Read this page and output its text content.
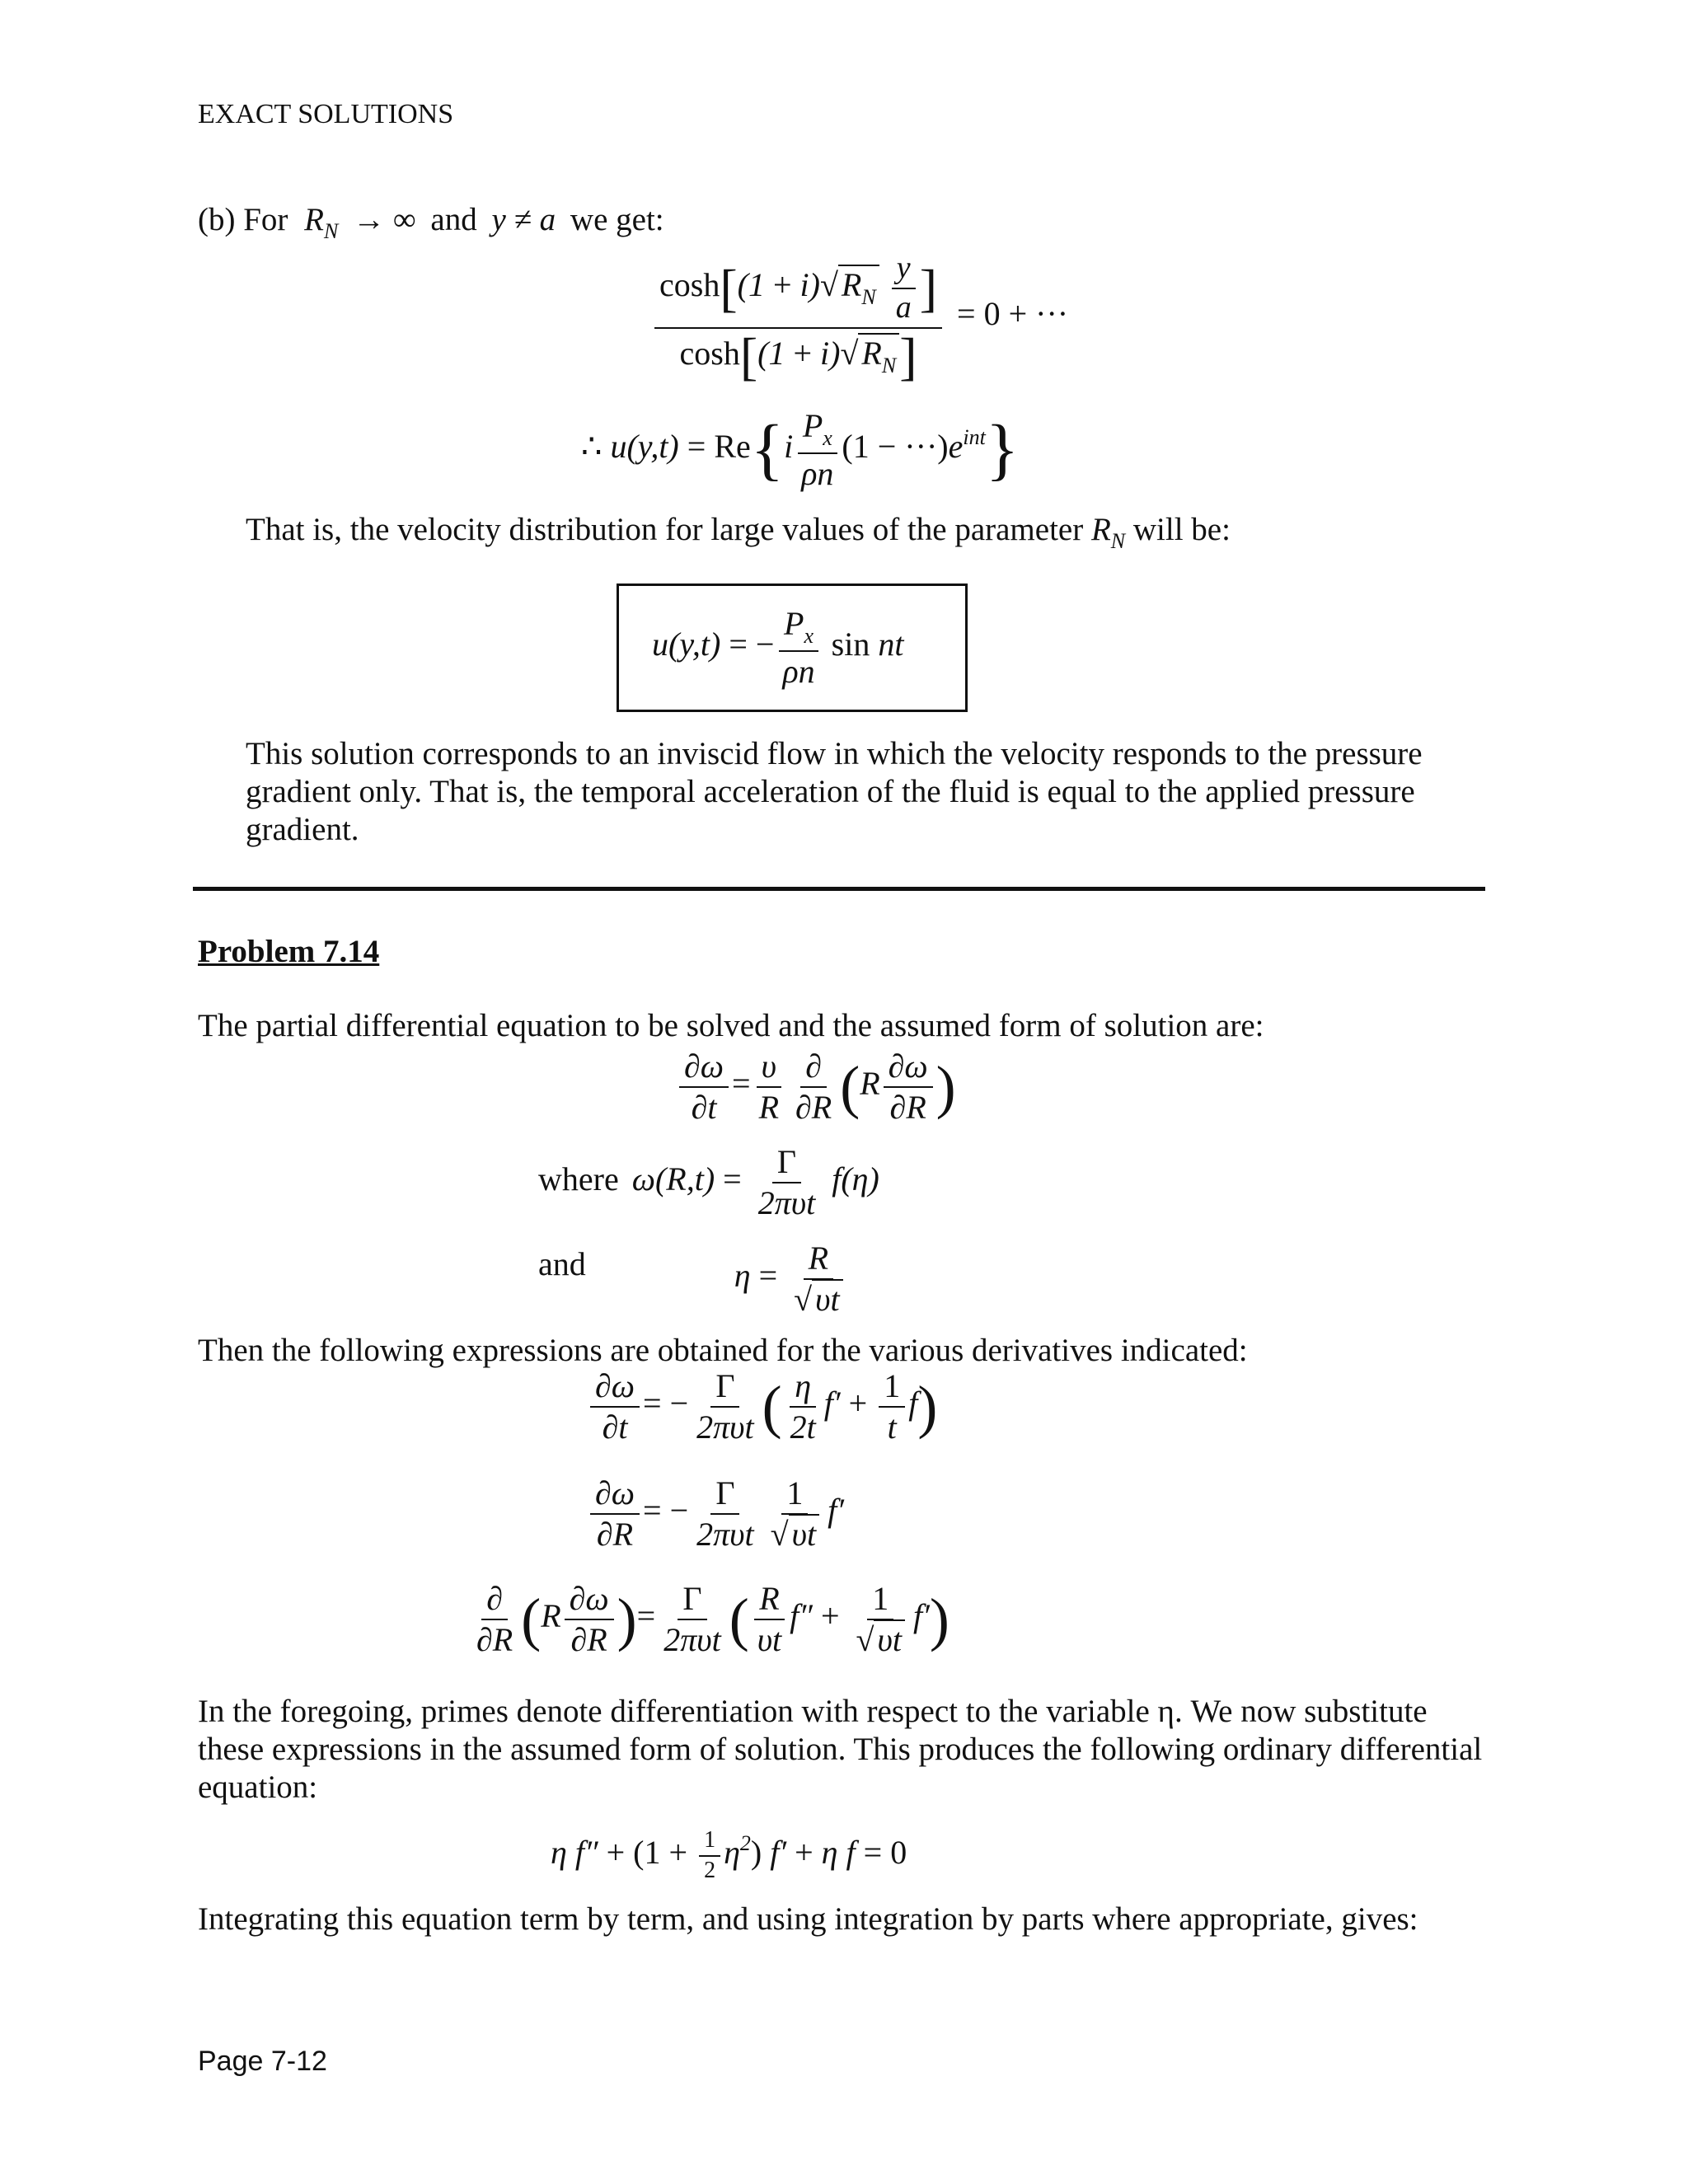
EXACT SOLUTIONS
(b) For $R_N$ → ∞ and y ≠ a we get:
$\frac{\cosh[(1 + i)√ R_N \frac{y}{a} ]}{\cosh[(1 + i)√ R_N]} = 0$ + ···
∴ $u(y,t) = Re\{i \frac{P_x}{\rho n} (1 - \cdot\cdot\cdot)e^{int}\}$
That is, the velocity distribution for large values of the parameter $R_N$ will be:
u(y,t) = − $\frac{P_x}{\rho n}$ sin nt
This solution corresponds to an inviscid flow in which the velocity responds to the pressure gradient only. That is, the temporal acceleration of the fluid is equal to the applied pressure gradient.
Problem 7.14
The partial differential equation to be solved and the assumed form of solution are:
$\frac{\partial\omega}{\partial t} = \frac{\upsilon}{R} \frac{\partial}{\partial R} (R \frac{\partial\omega}{\partial R}$ )
where $\omega(R,t) = \frac{\Gamma}{\text{2πυt}} f(\eta)$
and	$\eta = \frac{R}{√ \upsilon t}$
Then the following expressions are obtained for the various derivatives indicated:
$\frac{\partial\omega}{\partial t}$ = − $\frac{\Gamma}{\text{2πυt}}$ ( $\frac{\eta}{2t} f' + \frac{1}{t} f$)
$\frac{\partial\omega}{\partial R}$ = − $\frac{\Gamma}{\text{2πυt}} \frac{1}{√ \upsilon t} f'$
$\frac{\partial}{\partial R} (R \frac{\partial\omega}{\partial R}$ )= $\frac{\Gamma}{\text{2πυt}}$ ( $\frac{R}{\upsilon t} f'' + \frac{1}{√ \upsilon t} f'$)
In the foregoing, primes denote differentiation with respect to the variable η. We now substitute these expressions in the assumed form of solution. This produces the following ordinary differential equation:
η $f'' + (1 + \frac{1}{2} \eta^2)$ f′ + η f = 0
Integrating this equation term by term, and using integration by parts where appropriate, gives:
Page 7-12
